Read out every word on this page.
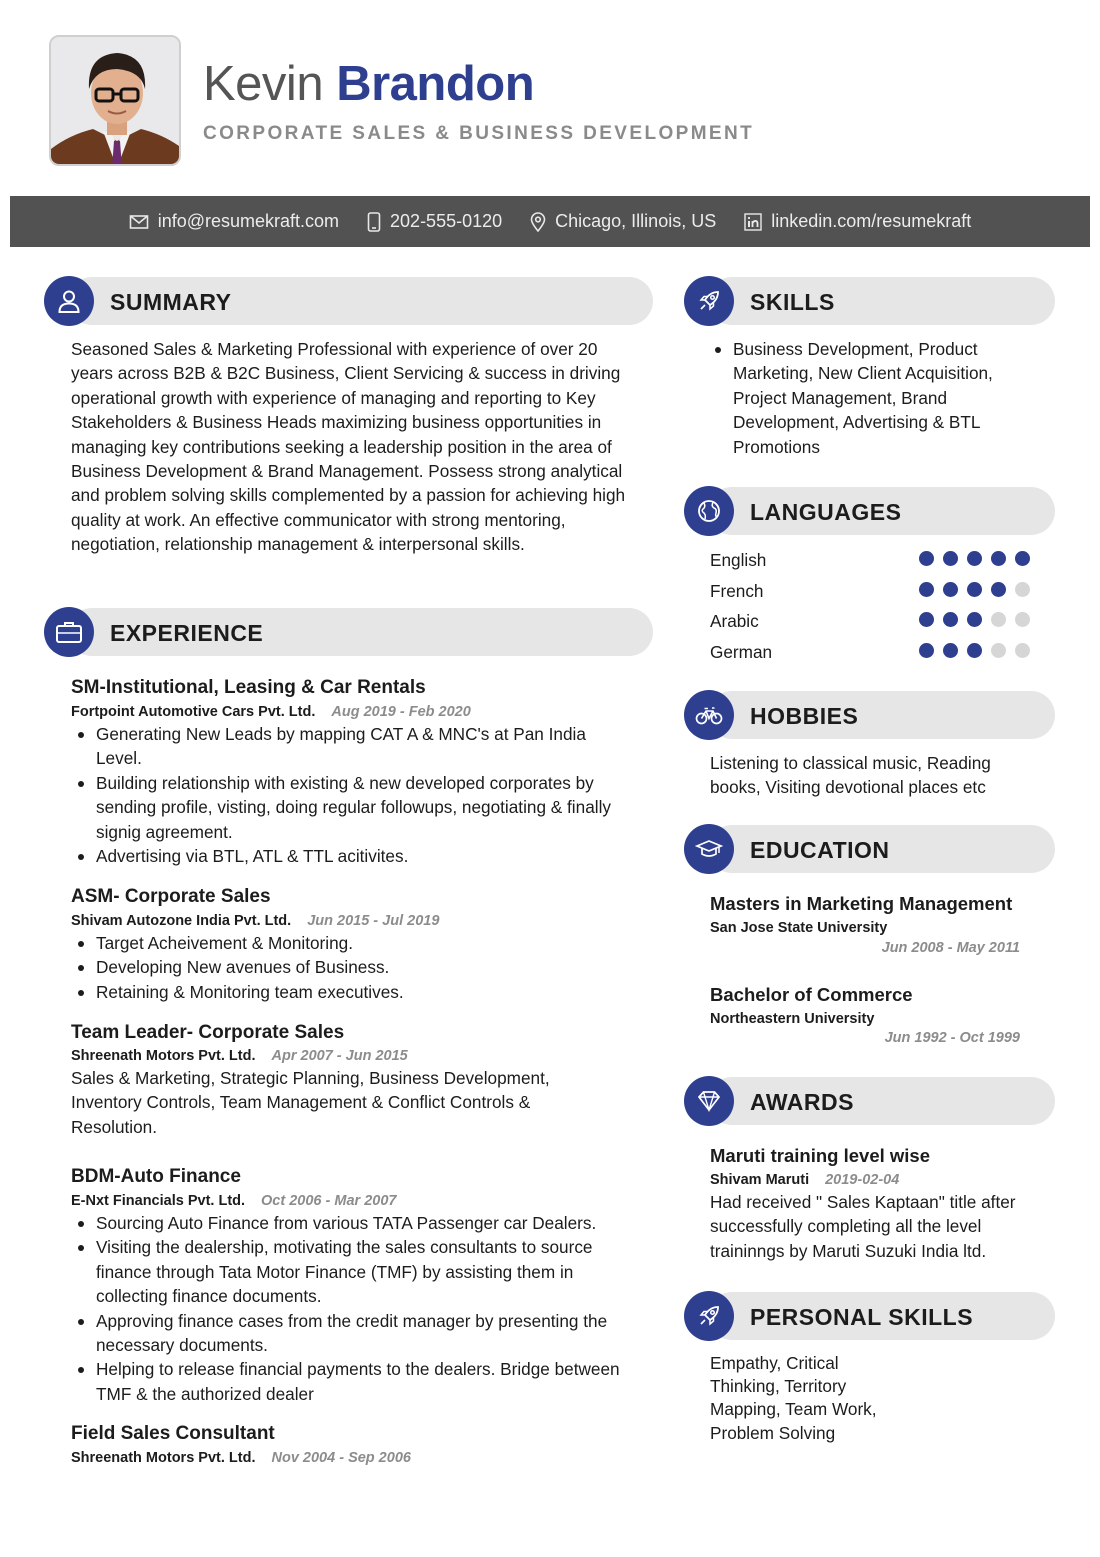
Kevin Brandon
CORPORATE SALES & BUSINESS DEVELOPMENT
info@resumekraft.com	202-555-0120	Chicago, Illinois, US	linkedin.com/resumekraft
SUMMARY
Seasoned Sales & Marketing Professional with experience of over 20 years across B2B & B2C Business, Client Servicing & success in driving operational growth with experience of managing and reporting to Key Stakeholders & Business Heads maximizing business opportunities in managing key contributions seeking a leadership position in the area of Business Development & Brand Management. Possess strong analytical and problem solving skills complemented by a passion for achieving high quality at work. An effective communicator with strong mentoring, negotiation, relationship management & interpersonal skills.
EXPERIENCE
SM-Institutional, Leasing & Car Rentals
Fortpoint Automotive Cars Pvt. Ltd. Aug 2019 - Feb 2020
Generating New Leads by mapping CAT A & MNC's at Pan India Level.
Building relationship with existing & new developed corporates by sending profile, visting, doing regular followups, negotiating & finally signig agreement.
Advertising via BTL, ATL & TTL acitivites.
ASM- Corporate Sales
Shivam Autozone India Pvt. Ltd. Jun 2015 - Jul 2019
Target Acheivement & Monitoring.
Developing New avenues of Business.
Retaining & Monitoring team executives.
Team Leader- Corporate Sales
Shreenath Motors Pvt. Ltd. Apr 2007 - Jun 2015
Sales & Marketing, Strategic Planning, Business Development, Inventory Controls, Team Management & Conflict Controls & Resolution.
BDM-Auto Finance
E-Nxt Financials Pvt. Ltd. Oct 2006 - Mar 2007
Sourcing Auto Finance from various TATA Passenger car Dealers.
Visiting the dealership, motivating the sales consultants to source finance through Tata Motor Finance (TMF) by assisting them in collecting finance documents.
Approving finance cases from the credit manager by presenting the necessary documents.
Helping to release financial payments to the dealers. Bridge between TMF & the authorized dealer
Field Sales Consultant
Shreenath Motors Pvt. Ltd. Nov 2004 - Sep 2006
SKILLS
Business Development, Product Marketing, New Client Acquisition, Project Management, Brand Development, Advertising & BTL Promotions
LANGUAGES
English
French
Arabic
German
HOBBIES
Listening to classical music, Reading books, Visiting devotional places etc
EDUCATION
Masters in Marketing Management
San Jose State University
Jun 2008 - May 2011
Bachelor of Commerce
Northeastern University
Jun 1992 - Oct 1999
AWARDS
Maruti training level wise
Shivam Maruti 2019-02-04
Had received " Sales Kaptaan" title after successfully completing all the level traininngs by Maruti Suzuki India ltd.
PERSONAL SKILLS
Empathy, Critical Thinking, Territory Mapping, Team Work, Problem Solving
